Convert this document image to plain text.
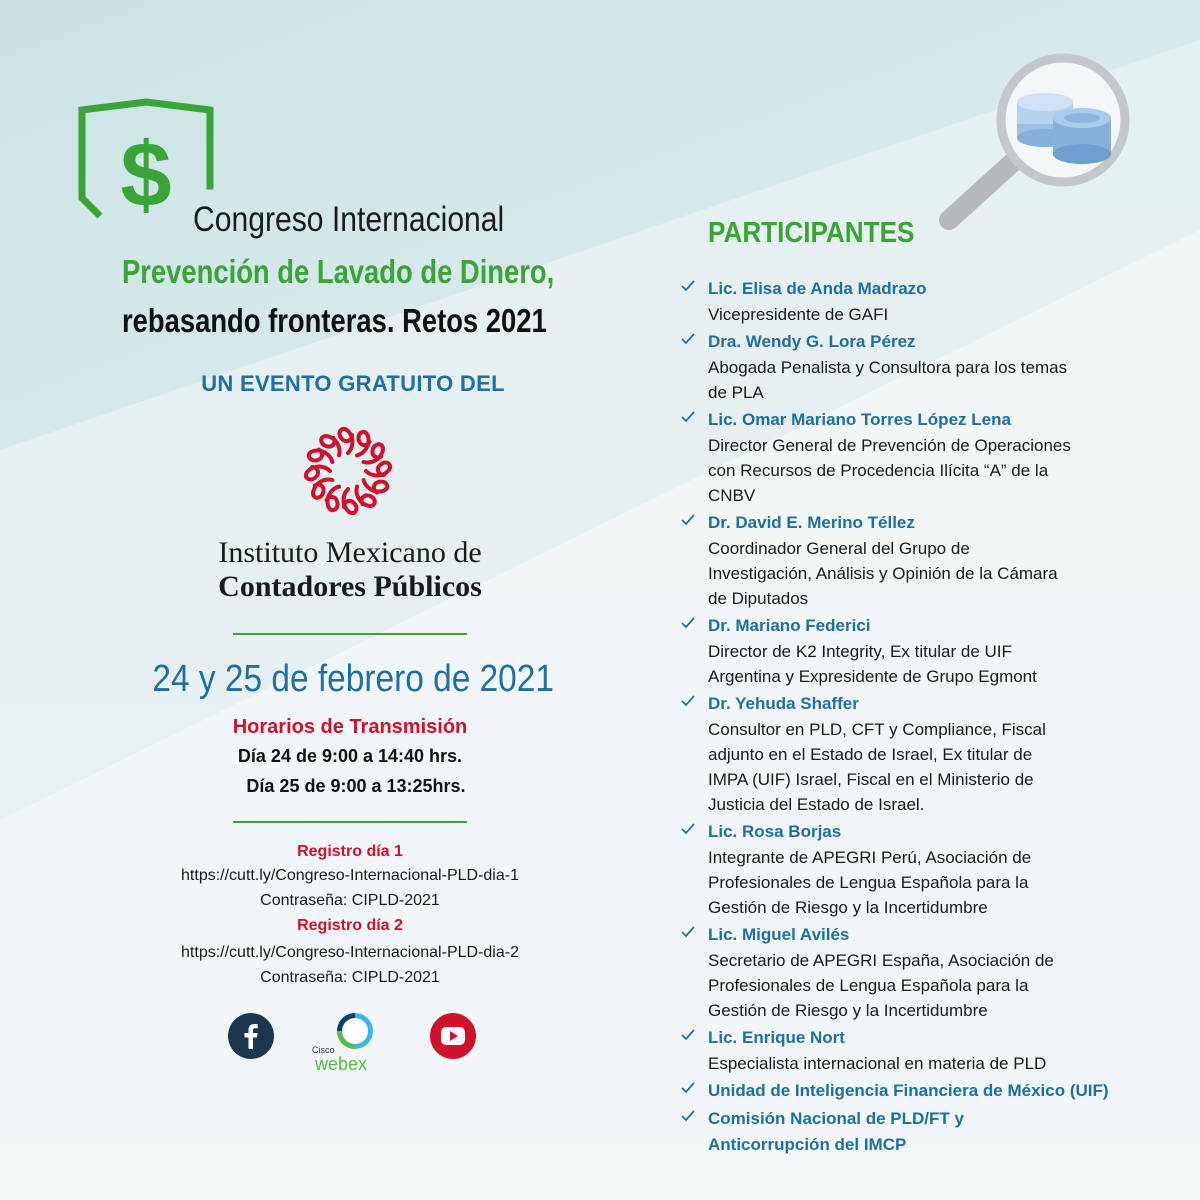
$ Congreso Internacional
Prevención de Lavado de Dinero,
rebasando fronteras. Retos 2021
UN EVENTO GRATUITO DEL
Instituto Mexicano de
Contadores Públicos
24 y 25 de febrero de 2021
Horarios de Transmisión
Día 24 de 9:00 a 14:40 hrs.
Día 25 de 9:00 a 13:25hrs.
Registro día 1
https://cutt.ly/Congreso-Internacional-PLD-dia-1
Contraseña: CIPLD-2021
Registro día 2
https://cutt.ly/Congreso-Internacional-PLD-dia-2
Contraseña: CIPLD-2021
Cisco
webex
PARTICIPANTES
Lic. Elisa de Anda Madrazo
Vicepresidente de GAFI
Dra. Wendy G. Lora Pérez
Abogada Penalista y Consultora para los temas
de PLA
Lic. Omar Mariano Torres López Lena
Director General de Prevención de Operaciones
con Recursos de Procedencia Ilícita “A” de la
CNBV
Dr. David E. Merino Téllez
Coordinador General del Grupo de
Investigación, Análisis y Opinión de la Cámara
de Diputados
Dr. Mariano Federici
Director de K2 Integrity, Ex titular de UIF
Argentina y Expresidente de Grupo Egmont
Dr. Yehuda Shaffer
Consultor en PLD, CFT y Compliance, Fiscal
adjunto en el Estado de Israel, Ex titular de
IMPA (UIF) Israel, Fiscal en el Ministerio de
Justicia del Estado de Israel.
Lic. Rosa Borjas
Integrante de APEGRI Perú, Asociación de
Profesionales de Lengua Española para la
Gestión de Riesgo y la Incertidumbre
Lic. Miguel Avilés
Secretario de APEGRI España, Asociación de
Profesionales de Lengua Española para la
Gestión de Riesgo y la Incertidumbre
Lic. Enrique Nort
Especialista internacional en materia de PLD
Unidad de Inteligencia Financiera de México (UIF)
Comisión Nacional de PLD/FT y
Anticorrupción del IMCP
